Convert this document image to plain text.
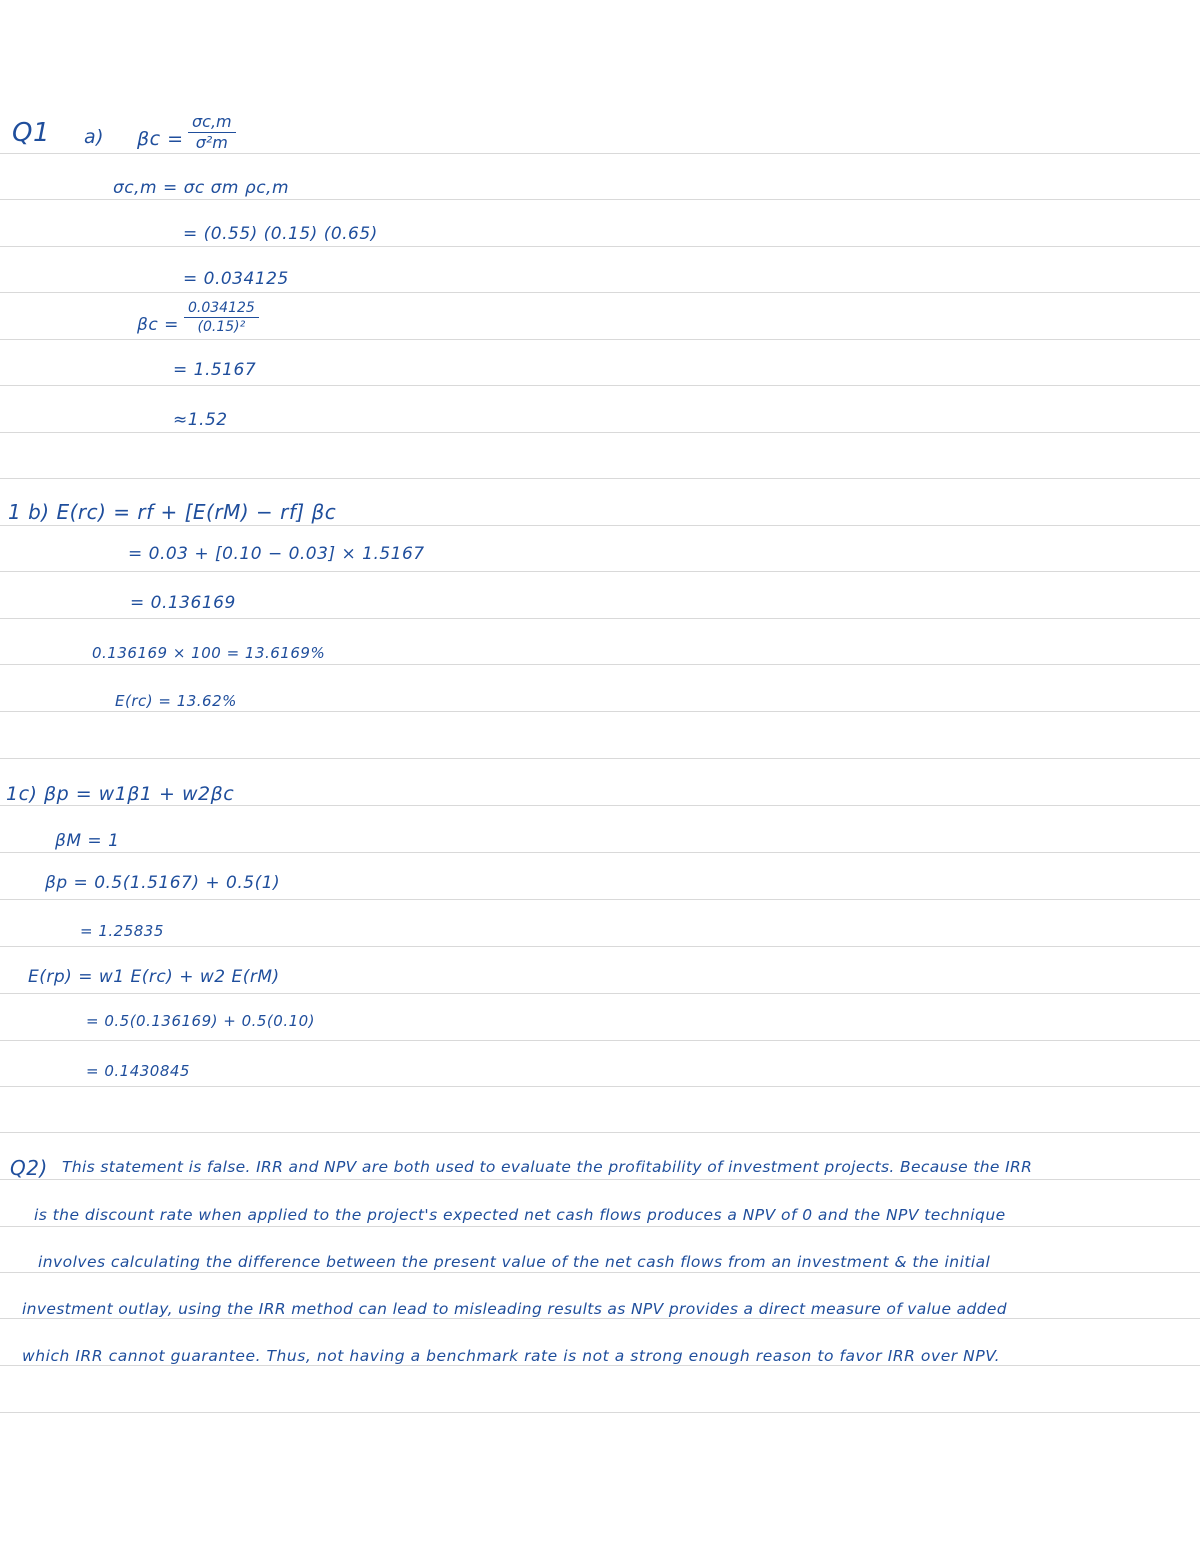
Q1 a) $\beta c = \frac{\sigma c,m}{\text{σ²m}}$
σc,m = σc σm ρc,m
= (0.55) (0.15) (0.65)
= 0.034125
$\beta c = \frac{0.034125}{\text{(0.15)²}}$
= 1.5167
≈1.52
1 b) E(rc) = rf + [E(rM) − rf] βc
= 0.03 + [0.10 − 0.03] × 1.5167
= 0.136169
0.136169 × 100 = 13.6169%
E(rc) = 13.62%
1c) βp = w1β1 + w2βc
βM = 1
βp = 0.5(1.5167) + 0.5(1)
= 1.25835
E(rp) = w1 E(rc) + w2 E(rM)
= 0.5(0.136169) + 0.5(0.10)
= 0.1430845
Q2) This statement is false. IRR and NPV are both used to evaluate the profitability of investment projects. Because the IRR
is the discount rate when applied to the project's expected net cash flows produces a NPV of 0 and the NPV technique
involves calculating the difference between the present value of the net cash flows from an investment & the initial
investment outlay, using the IRR method can lead to misleading results as NPV provides a direct measure of value added
which IRR cannot guarantee. Thus, not having a benchmark rate is not a strong enough reason to favor IRR over NPV.
